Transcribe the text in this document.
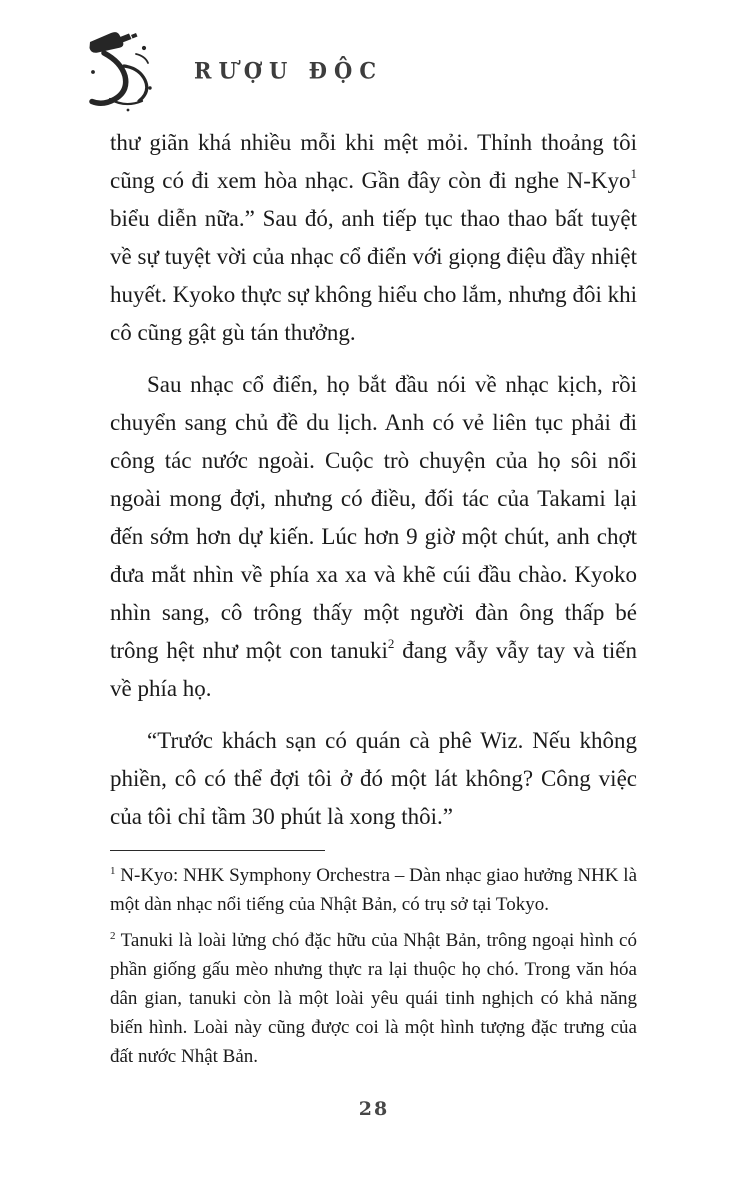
RƯỢU ĐỘC

thư giãn khá nhiều mỗi khi mệt mỏi. Thỉnh thoảng tôi cũng có đi xem hòa nhạc. Gần đây còn đi nghe N-Kyo$^1$ biểu diễn nữa.” Sau đó, anh tiếp tục thao thao bất tuyệt về sự tuyệt vời của nhạc cổ điển với giọng điệu đầy nhiệt huyết. Kyoko thực sự không hiểu cho lắm, nhưng đôi khi cô cũng gật gù tán thưởng.

Sau nhạc cổ điển, họ bắt đầu nói về nhạc kịch, rồi chuyển sang chủ đề du lịch. Anh có vẻ liên tục phải đi công tác nước ngoài. Cuộc trò chuyện của họ sôi nổi ngoài mong đợi, nhưng có điều, đối tác của Takami lại đến sớm hơn dự kiến. Lúc hơn 9 giờ một chút, anh chợt đưa mắt nhìn về phía xa xa và khẽ cúi đầu chào. Kyoko nhìn sang, cô trông thấy một người đàn ông thấp bé trông hệt như một con tanuki$^2$ đang vẫy vẫy tay và tiến về phía họ.

“Trước khách sạn có quán cà phê Wiz. Nếu không phiền, cô có thể đợi tôi ở đó một lát không? Công việc của tôi chỉ tầm 30 phút là xong thôi.”

$^1$ N-Kyo: NHK Symphony Orchestra – Dàn nhạc giao hưởng NHK là một dàn nhạc nổi tiếng của Nhật Bản, có trụ sở tại Tokyo.

$^2$ Tanuki là loài lửng chó đặc hữu của Nhật Bản, trông ngoại hình có phần giống gấu mèo nhưng thực ra lại thuộc họ chó. Trong văn hóa dân gian, tanuki còn là một loài yêu quái tinh nghịch có khả năng biến hình. Loài này cũng được coi là một hình tượng đặc trưng của đất nước Nhật Bản.

28
